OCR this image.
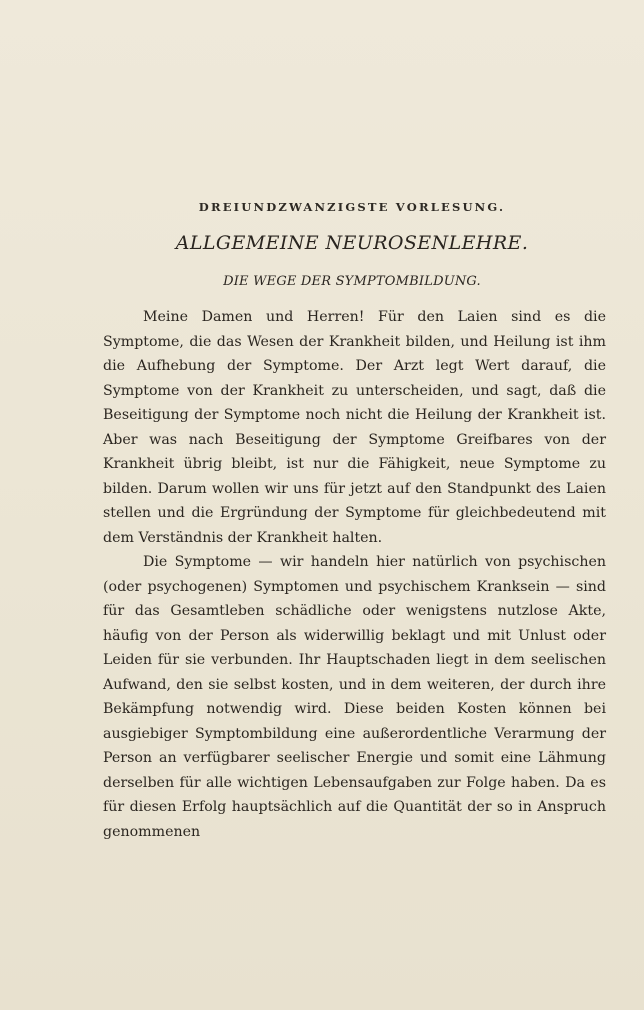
DREIUNDZWANZIGSTE VORLESUNG.
ALLGEMEINE NEUROSENLEHRE.
DIE WEGE DER SYMPTOMBILDUNG.

Meine Damen und Herren! Für den Laien sind es die Symptome, die das Wesen der Krankheit bilden, und Heilung ist ihm die Aufhebung der Symptome. Der Arzt legt Wert darauf, die Symptome von der Krankheit zu unterscheiden, und sagt, daß die Beseitigung der Symptome noch nicht die Heilung der Krankheit ist. Aber was nach Beseitigung der Symptome Greifbares von der Krankheit übrig bleibt, ist nur die Fähigkeit, neue Symptome zu bilden. Darum wollen wir uns für jetzt auf den Standpunkt des Laien stellen und die Ergründung der Symptome für gleichbedeutend mit dem Verständnis der Krankheit halten.

Die Symptome — wir handeln hier natürlich von psychischen (oder psychogenen) Symptomen und psychischem Kranksein — sind für das Gesamtleben schädliche oder wenigstens nutzlose Akte, häufig von der Person als widerwillig beklagt und mit Unlust oder Leiden für sie verbunden. Ihr Hauptschaden liegt in dem seelischen Aufwand, den sie selbst kosten, und in dem weiteren, der durch ihre Bekämpfung notwendig wird. Diese beiden Kosten können bei ausgiebiger Symptombildung eine außerordentliche Verarmung der Person an verfügbarer seelischer Energie und somit eine Lähmung derselben für alle wichtigen Lebensaufgaben zur Folge haben. Da es für diesen Erfolg hauptsächlich auf die Quantität der so in Anspruch genommenen
